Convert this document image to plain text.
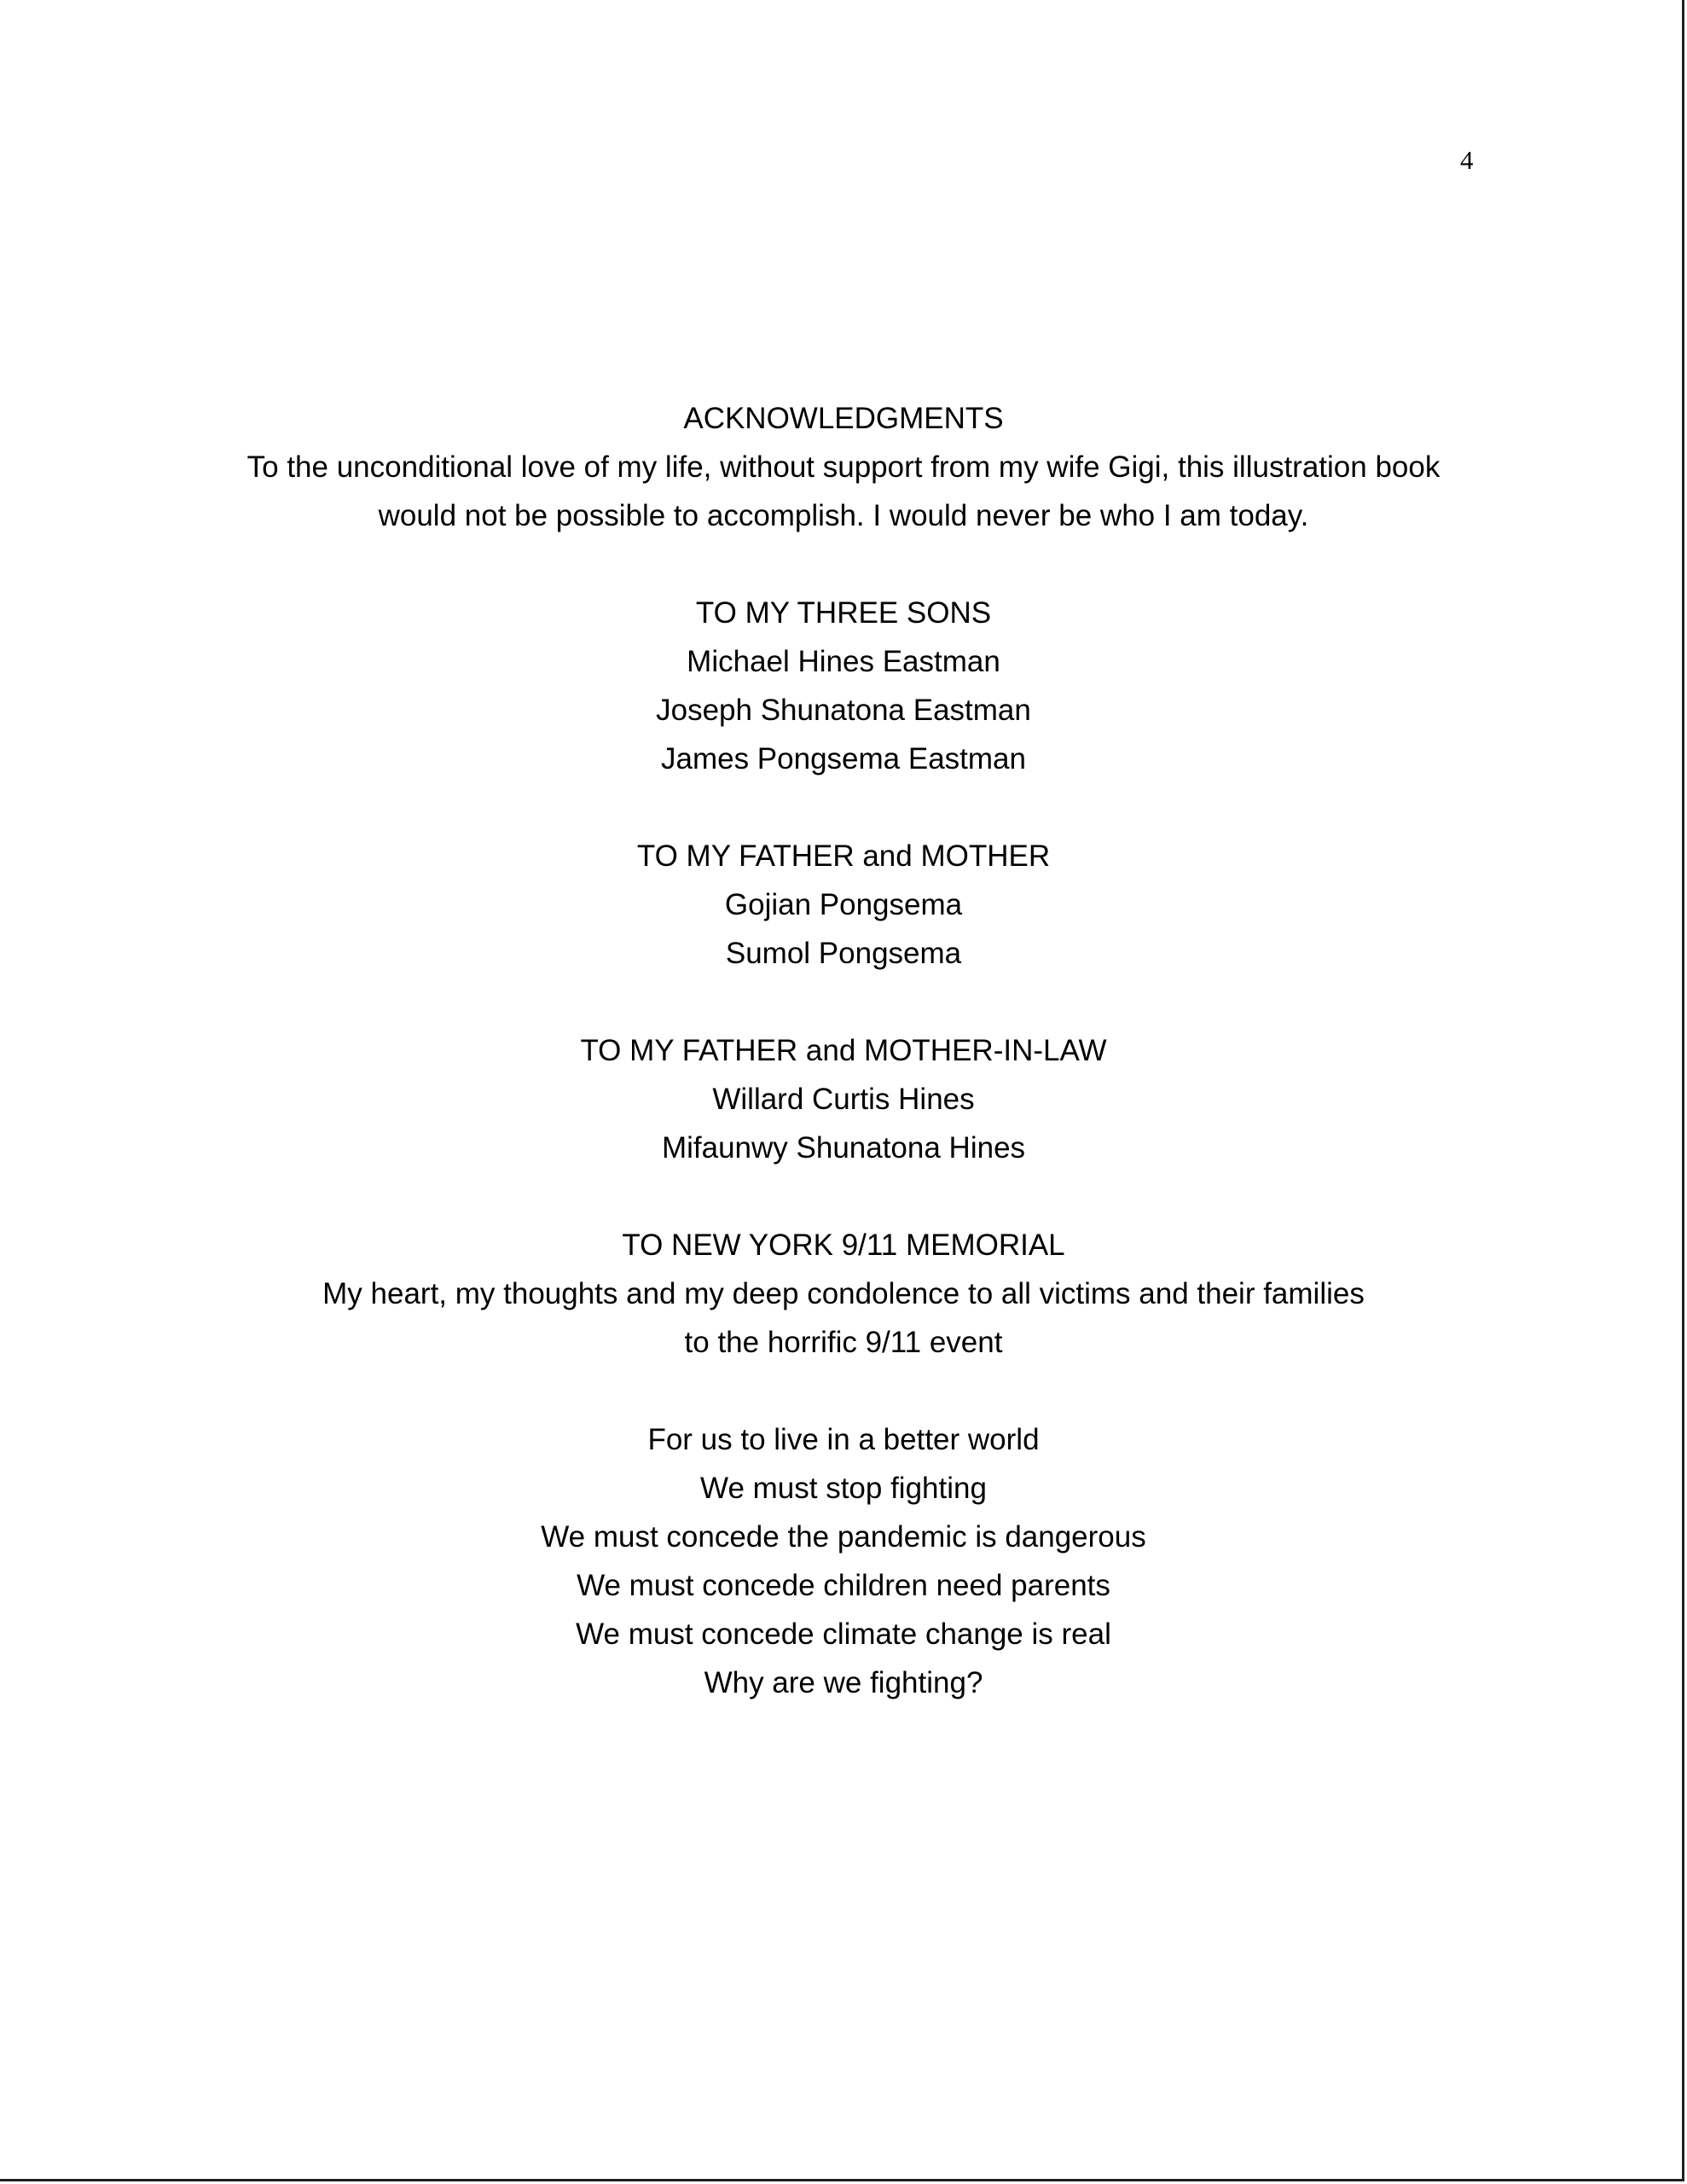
4
ACKNOWLEDGMENTS
To the unconditional love of my life, without support from my wife Gigi, this illustration book
would not be possible to accomplish. I would never be who I am today.
TO MY THREE SONS
Michael Hines Eastman
Joseph Shunatona Eastman
James Pongsema Eastman
TO MY FATHER and MOTHER
Gojian Pongsema
Sumol Pongsema
TO MY FATHER and MOTHER-IN-LAW
Willard Curtis Hines
Mifaunwy Shunatona Hines
TO NEW YORK 9/11 MEMORIAL
My heart, my thoughts and my deep condolence to all victims and their families
to the horrific 9/11 event
For us to live in a better world
We must stop fighting
We must concede the pandemic is dangerous
We must concede children need parents
We must concede climate change is real
Why are we fighting?
